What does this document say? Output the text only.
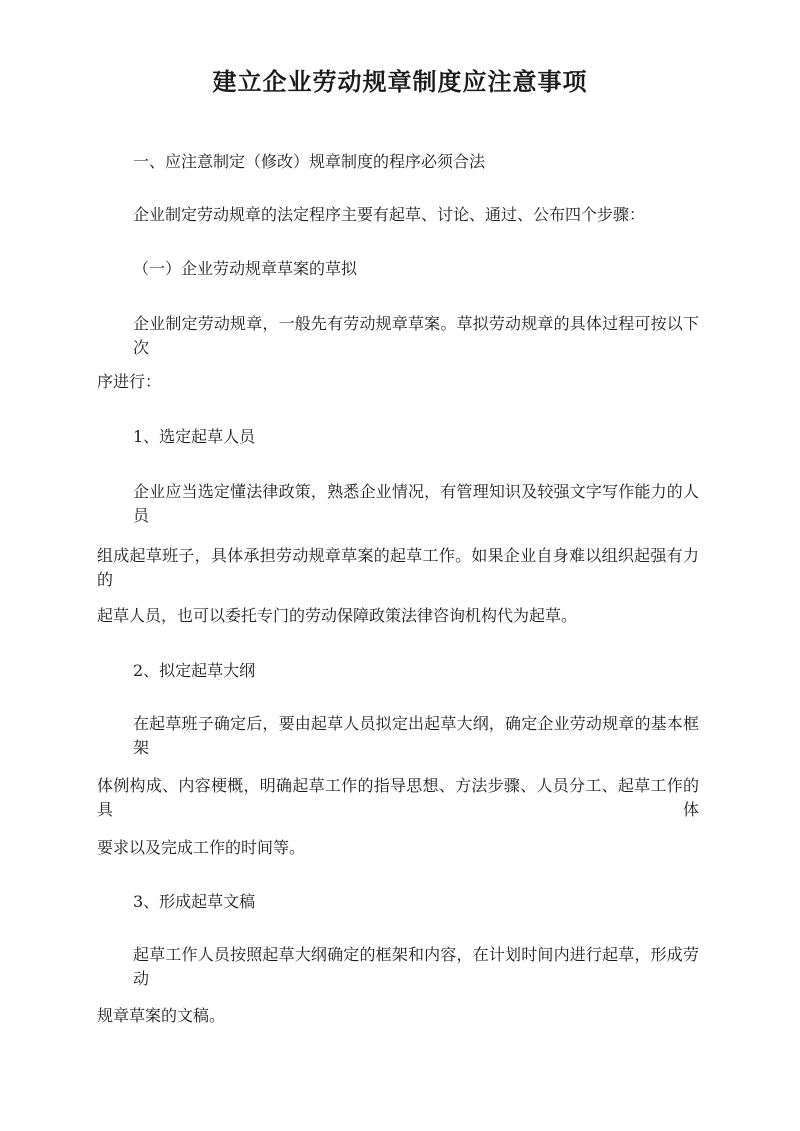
建立企业劳动规章制度应注意事项
一、应注意制定（修改）规章制度的程序必须合法
企业制定劳动规章的法定程序主要有起草、讨论、通过、公布四个步骤：
（一）企业劳动规章草案的草拟
企业制定劳动规章，一般先有劳动规章草案。草拟劳动规章的具体过程可按以下次
序进行：
1、选定起草人员
企业应当选定懂法律政策，熟悉企业情况，有管理知识及较强文字写作能力的人员
组成起草班子，具体承担劳动规章草案的起草工作。如果企业自身难以组织起强有力的
起草人员，也可以委托专门的劳动保障政策法律咨询机构代为起草。
2、拟定起草大纲
在起草班子确定后，要由起草人员拟定出起草大纲，确定企业劳动规章的基本框架
体例构成、内容梗概，明确起草工作的指导思想、方法步骤、人员分工、起草工作的具体
要求以及完成工作的时间等。
3、形成起草文稿
起草工作人员按照起草大纲确定的框架和内容，在计划时间内进行起草，形成劳动
规章草案的文稿。
